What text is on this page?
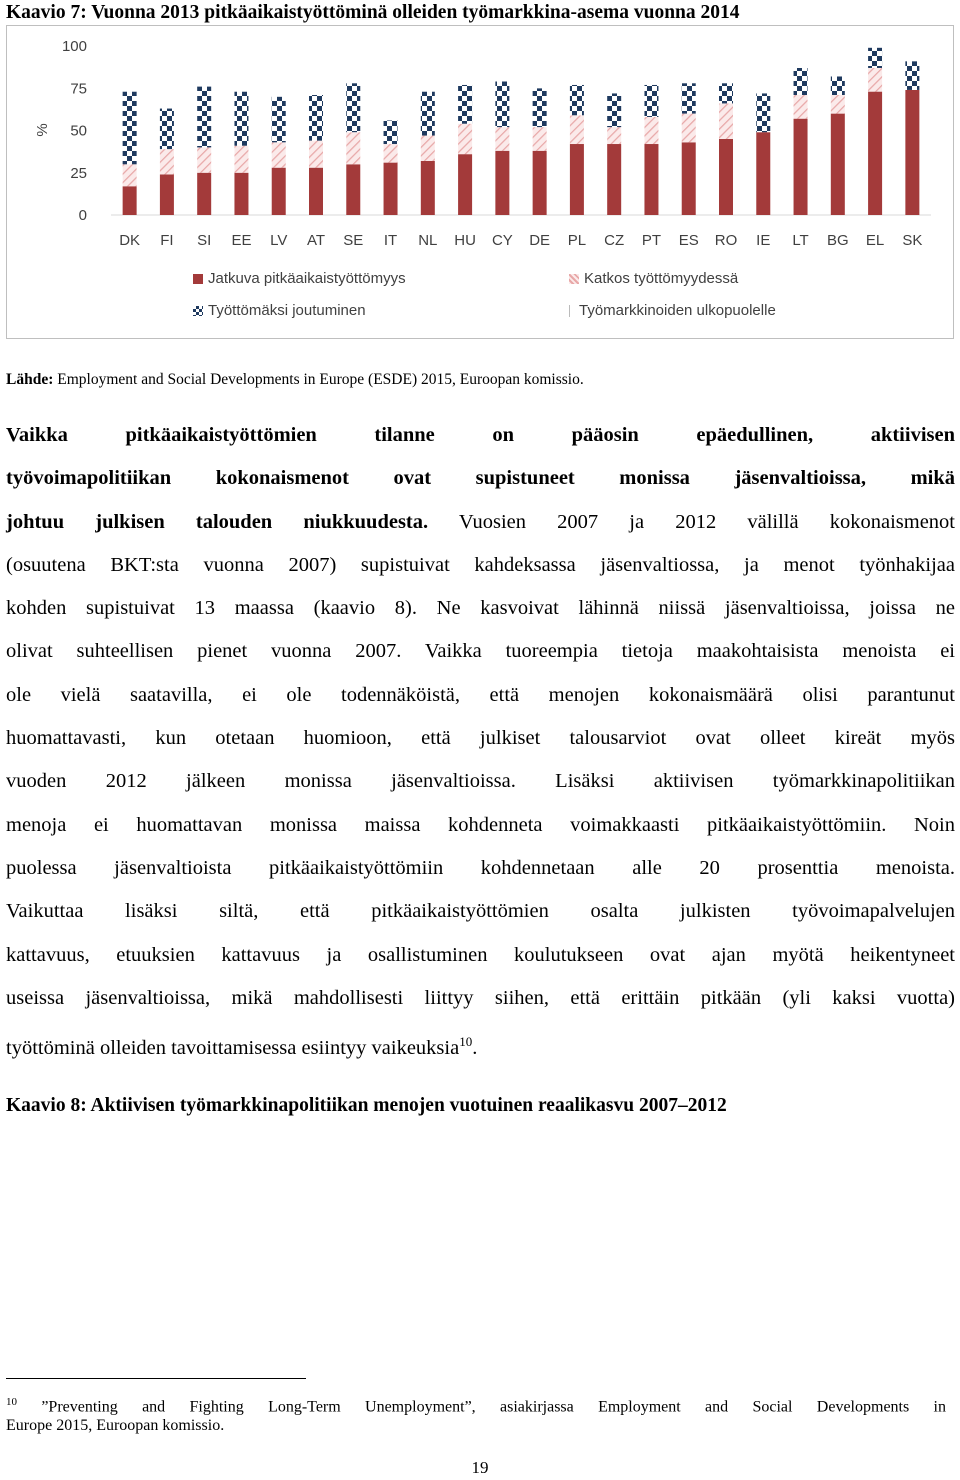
Kaavio 7: Vuonna 2013 pitkäaikaistyöttöminä olleiden työmarkkina-asema vuonna 2014
0
25
50
75
100
DK FI SI EE LV AT SE IT NL HU CY DE PL CZ PT ES RO IE LT BG EL SK
%
Jatkuva pitkäaikaistyöttömyys	Katkos työttömyydessä
Työttömäksi joutuminen	Työmarkkinoiden ulkopuolelle
Lähde: Employment and Social Developments in Europe (ESDE) 2015, Euroopan komissio.
Vaikka pitkäaikaistyöttömien tilanne on pääosin epäedullinen, aktiivisen
työvoimapolitiikan kokonaismenot ovat supistuneet monissa jäsenvaltioissa, mikä
johtuu julkisen talouden niukkuudesta. Vuosien 2007 ja 2012 välillä kokonaismenot
(osuutena BKT:sta vuonna 2007) supistuivat kahdeksassa jäsenvaltiossa, ja menot työnhakijaa
kohden supistuivat 13 maassa (kaavio 8). Ne kasvoivat lähinnä niissä jäsenvaltioissa, joissa ne
olivat suhteellisen pienet vuonna 2007. Vaikka tuoreempia tietoja maakohtaisista menoista ei
ole vielä saatavilla, ei ole todennäköistä, että menojen kokonaismäärä olisi parantunut
huomattavasti, kun otetaan huomioon, että julkiset talousarviot ovat olleet kireät myös
vuoden 2012 jälkeen monissa jäsenvaltioissa. Lisäksi aktiivisen työmarkkinapolitiikan
menoja ei huomattavan monissa maissa kohdenneta voimakkaasti pitkäaikaistyöttömiin. Noin
puolessa jäsenvaltioista pitkäaikaistyöttömiin kohdennetaan alle 20 prosenttia menoista.
Vaikuttaa lisäksi siltä, että pitkäaikaistyöttömien osalta julkisten työvoimapalvelujen
kattavuus, etuuksien kattavuus ja osallistuminen koulutukseen ovat ajan myötä heikentyneet
useissa jäsenvaltioissa, mikä mahdollisesti liittyy siihen, että erittäin pitkään (yli kaksi vuotta)
työttöminä olleiden tavoittamisessa esiintyy vaikeuksia$^{10}$.
Kaavio 8: Aktiivisen työmarkkinapolitiikan menojen vuotuinen reaalikasvu 2007–2012
$^{10}$ ”Preventing and Fighting Long-Term Unemployment”, asiakirjassa Employment and Social Developments in
Europe 2015, Euroopan komissio.
19
